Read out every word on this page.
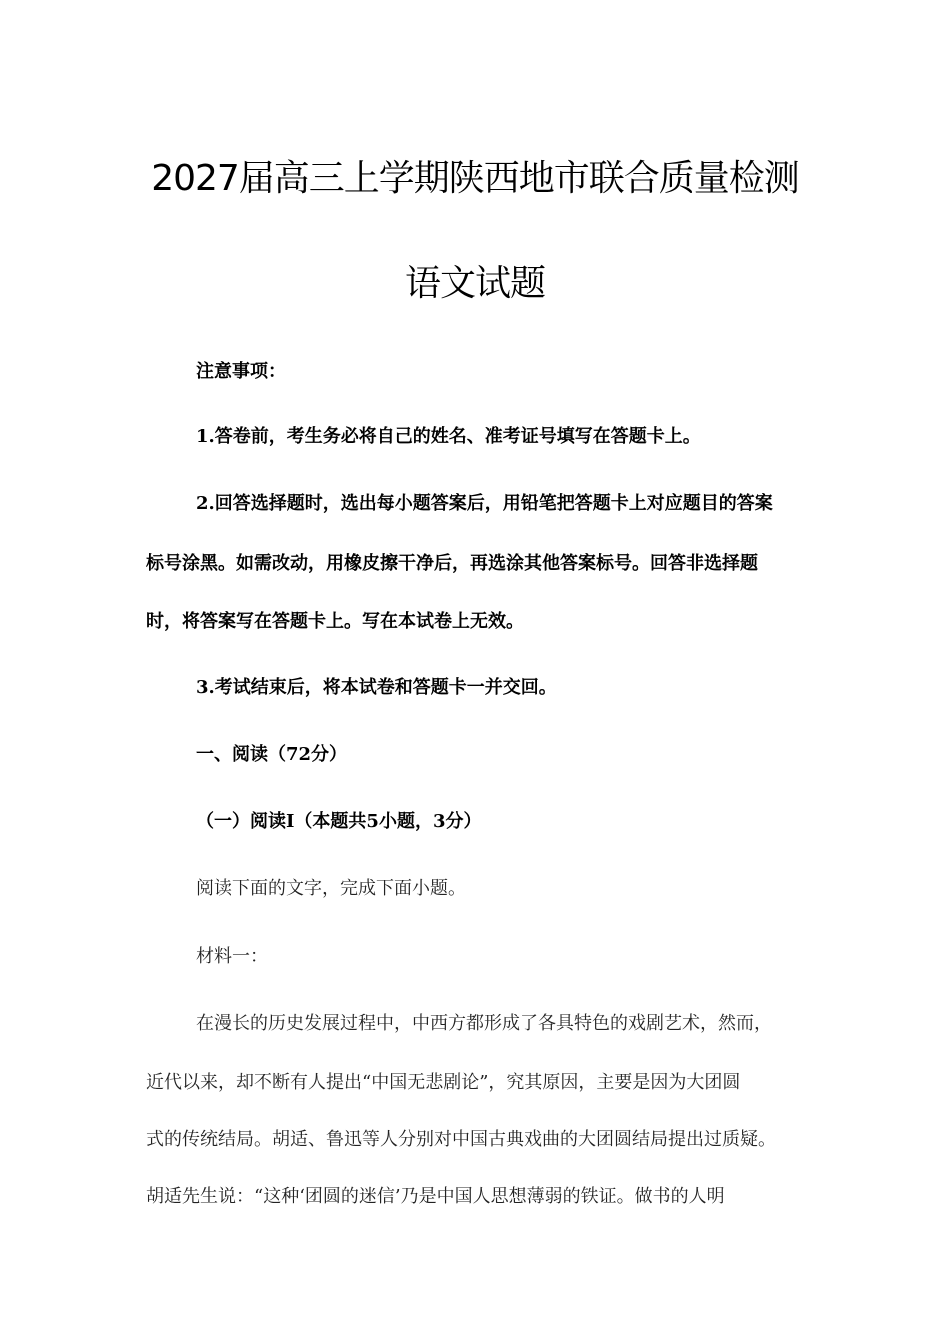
2027届高三上学期陕西地市联合质量检测
语文试题
注意事项：
1.答卷前，考生务必将自己的姓名、准考证号填写在答题卡上。
2.回答选择题时，选出每小题答案后，用铅笔把答题卡上对应题目的答案
标号涂黑。如需改动，用橡皮擦干净后，再选涂其他答案标号。回答非选择题
时，将答案写在答题卡上。写在本试卷上无效。
3.考试结束后，将本试卷和答题卡一并交回。
一、阅读（72分）
（一）阅读I（本题共5小题，3分）
阅读下面的文字，完成下面小题。
材料一：
在漫长的历史发展过程中，中西方都形成了各具特色的戏剧艺术，然而，
近代以来，却不断有人提出“中国无悲剧论”，究其原因，主要是因为大团圆
式的传统结局。胡适、鲁迅等人分别对中国古典戏曲的大团圆结局提出过质疑。
胡适先生说：“这种‘团圆的迷信’乃是中国人思想薄弱的铁证。做书的人明
